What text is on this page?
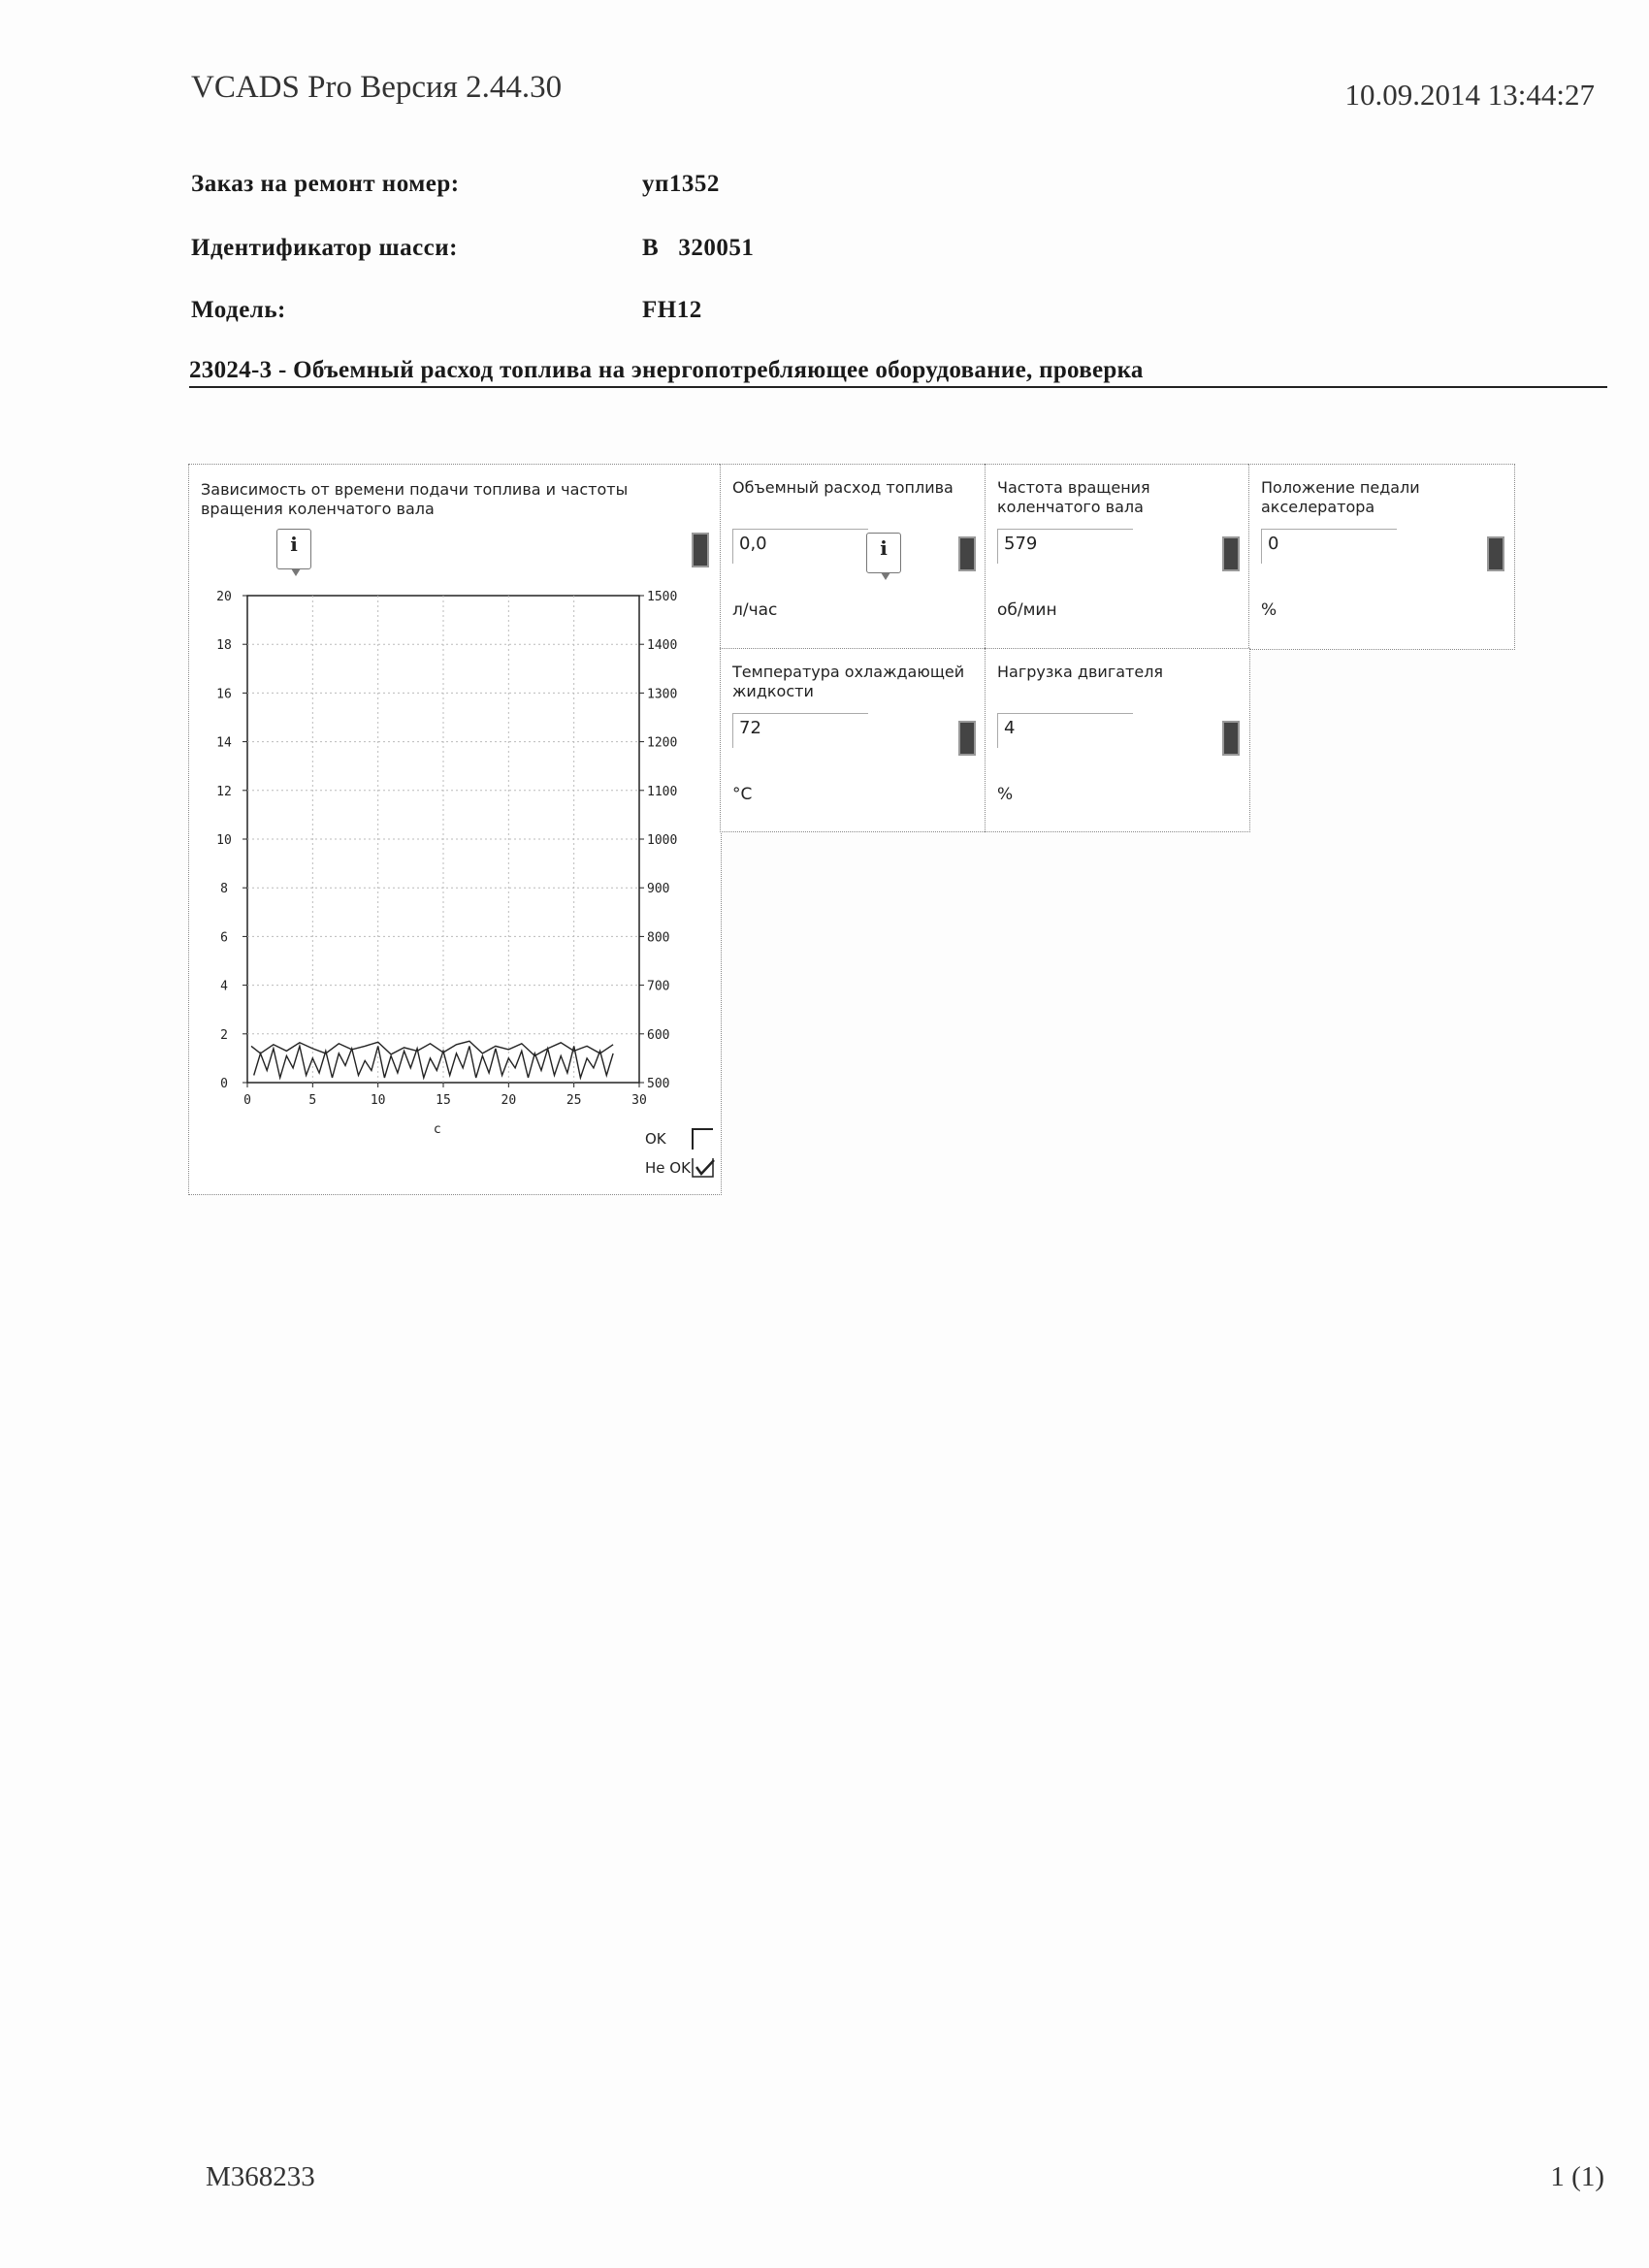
VCADS Pro Версия 2.44.30	10.09.2014 13:44:27
Заказ на ремонт номер:	уп1352
Идентификатор шасси:	B   320051
Модель:	FH12
23024-3 - Объемный расход топлива на энергопотребляющее оборудование, проверка
Зависимость от времени подачи топлива и частоты вращения коленчатого вала
i
0
2
4
6
8
10
12
14
16
18
20
500
600
700
800
900
1000
1100
1200
1300
1400
1500
0	5	10	15	20	25	30
с
OK
Не OK
Объемный расход топлива
0,0	i
л/час
Частота вращения коленчатого вала
579
об/мин
Положение педали акселератора
0
%
Температура охлаждающей жидкости
72
°C
Нагрузка двигателя
4
%
M368233	1 (1)
